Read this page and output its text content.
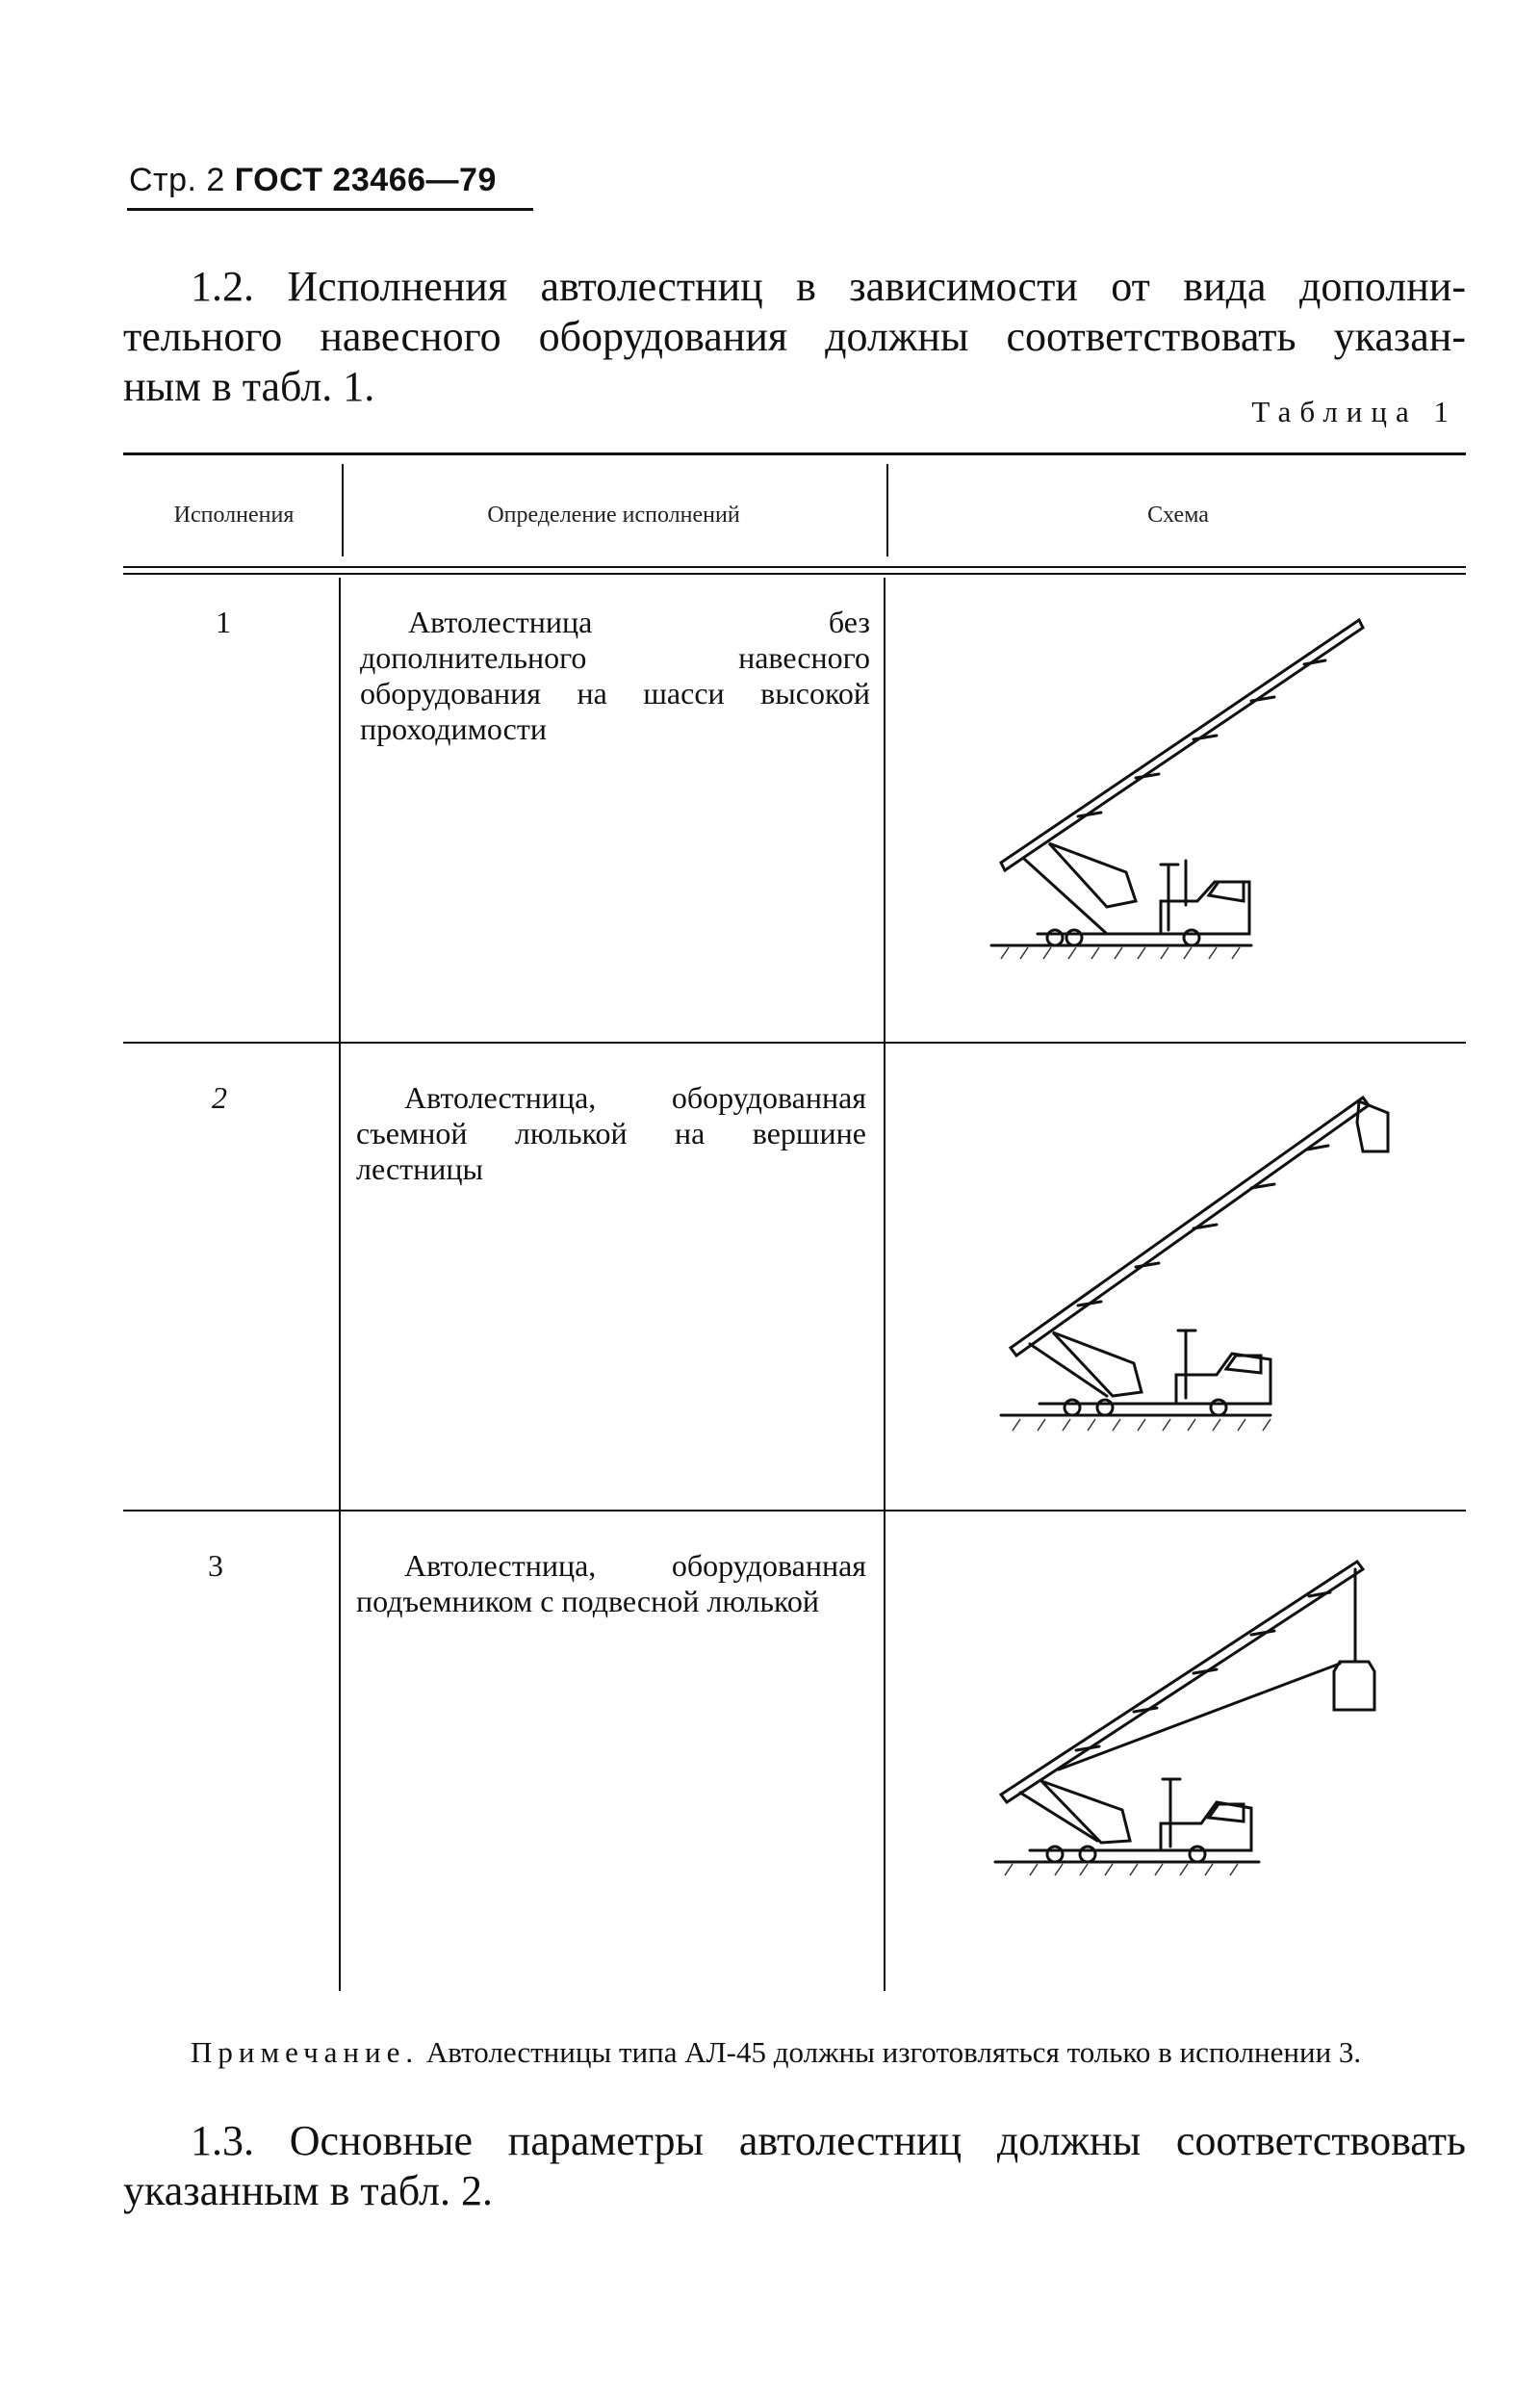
Стр. 2 ГОСТ 23466—79
1.2. Исполнения автолестниц в зависимости от вида дополни-
тельного навесного оборудования должны соответствовать указан-
ным в табл. 1.
Таблица 1
Исполнения	Определение исполнений	Схема
1	Автолестница без дополнительного навесного оборудования на шасси высокой проходимости
2	Автолестница, оборудованная съемной люлькой на вершине лестницы
3	Автолестница, оборудованная подъемником с подвесной люлькой
Примечание. Автолестницы типа АЛ-45 должны изготовляться только в исполнении 3.
1.3. Основные параметры автолестниц должны соответствовать указанным в табл. 2.
